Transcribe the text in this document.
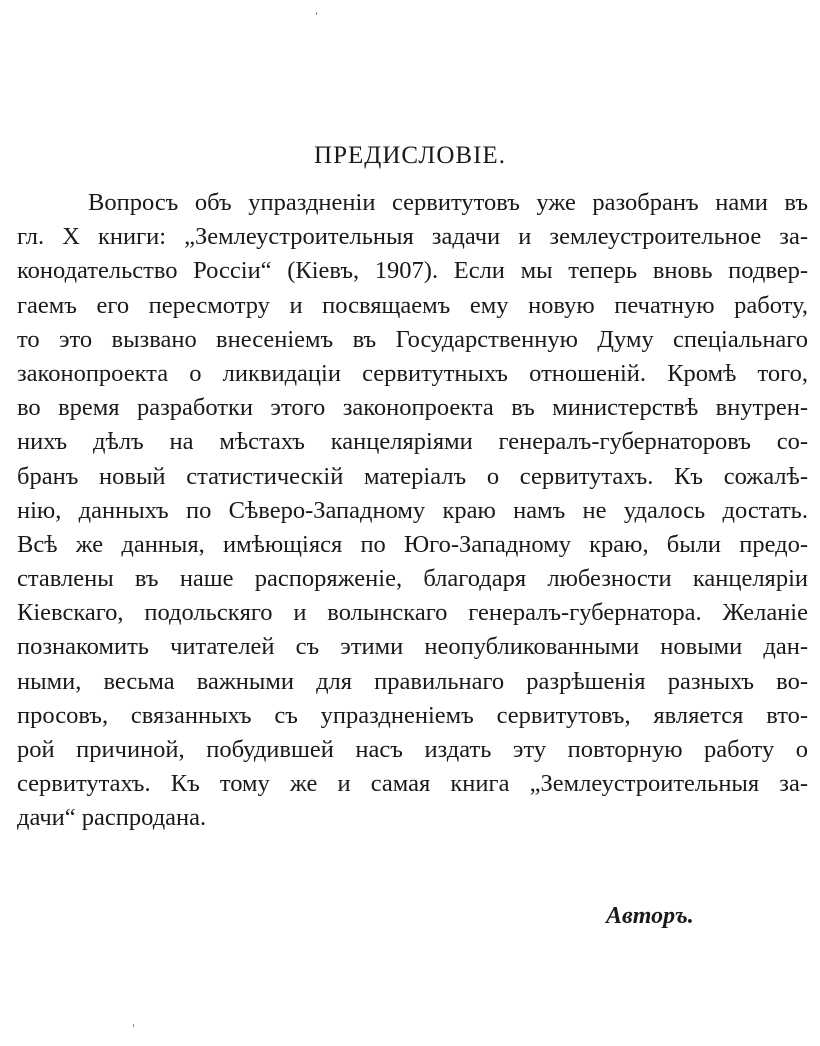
ПРЕДИСЛОВІЕ.
Вопросъ объ упраздненіи сервитутовъ уже разобранъ нами въ
гл. X книги: „Землеустроительныя задачи и землеустроительное за-
конодательство Россіи“ (Кіевъ, 1907). Если мы теперь вновь подвер-
гаемъ его пересмотру и посвящаемъ ему новую печатную работу,
то это вызвано внесеніемъ въ Государственную Думу спеціальнаго
законопроекта о ликвидаціи сервитутныхъ отношеній. Кромѣ того,
во время разработки этого законопроекта въ министерствѣ внутрен-
нихъ дѣлъ на мѣстахъ канцеляріями генералъ-губернаторовъ со-
бранъ новый статистическій матеріалъ о сервитутахъ. Къ сожалѣ-
нію, данныхъ по Сѣверо-Западному краю намъ не удалось достать.
Всѣ же данныя, имѣющіяся по Юго-Западному краю, были предо-
ставлены въ наше распоряженіе, благодаря любезности канцеляріи
Кіевскаго, подольскяго и волынскаго генералъ-губернатора. Желаніе
познакомить читателей съ этими неопубликованными новыми дан-
ными, весьма важными для правильнаго разрѣшенія разныхъ во-
просовъ, связанныхъ съ упраздненіемъ сервитутовъ, является вто-
рой причиной, побудившей насъ издать эту повторную работу о
сервитутахъ. Къ тому же и самая книга „Землеустроительныя за-
дачи“ распродана.
Авторъ.
